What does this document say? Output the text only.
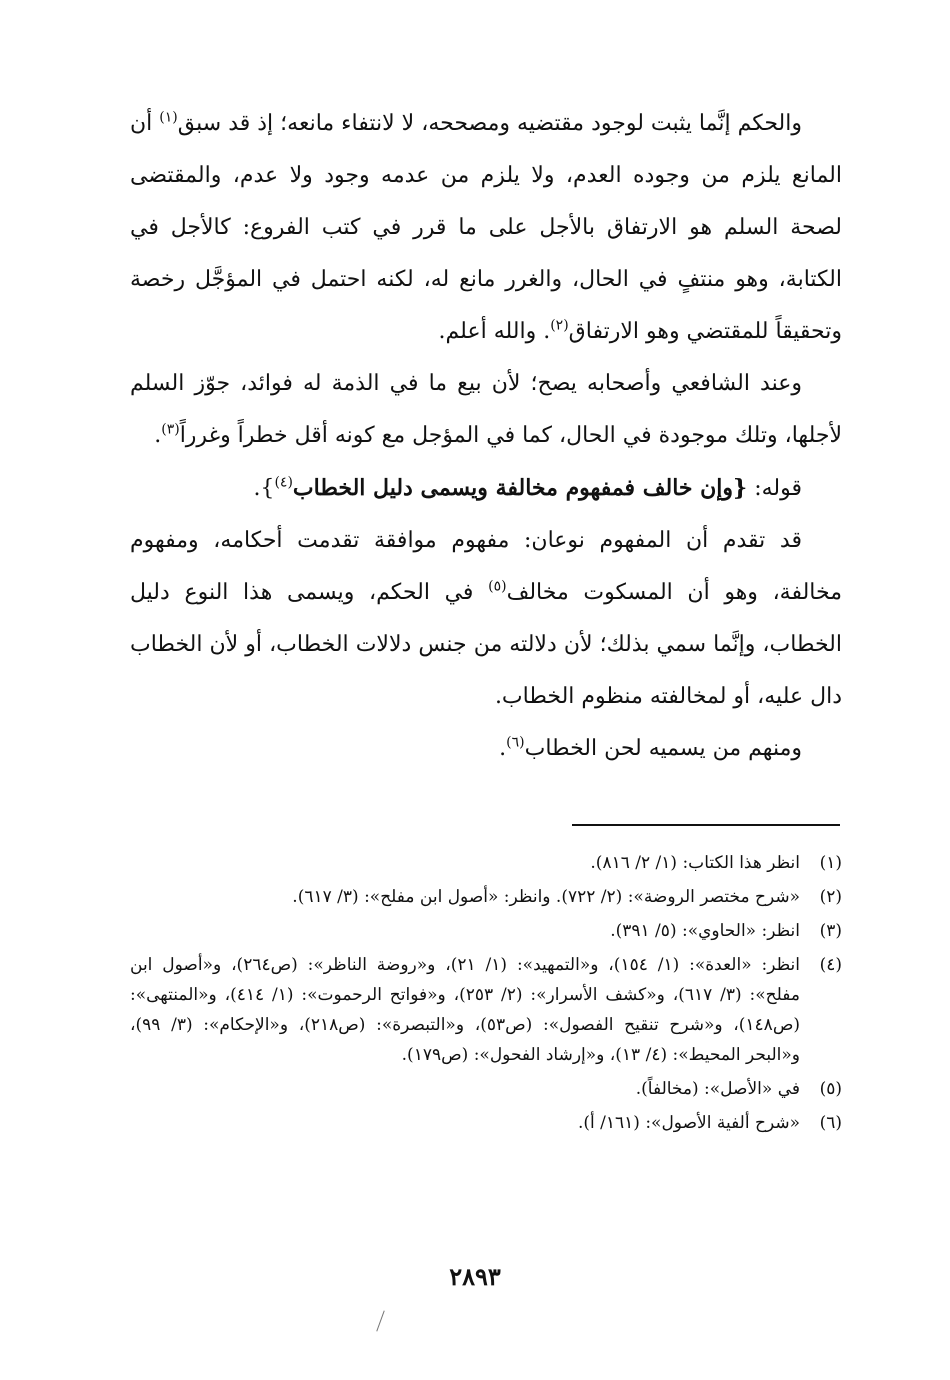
والحكم إنَّما يثبت لوجود مقتضيه ومصححه، لا لانتفاء مانعه؛ إذ قد سبق$^{(١)}$ أن المانع يلزم من وجوده العدم، ولا يلزم من عدمه وجود ولا عدم، والمقتضى لصحة السلم هو الارتفاق بالأجل على ما قرر في كتب الفروع: كالأجل في الكتابة، وهو منتفٍ في الحال، والغرر مانع له، لكنه احتمل في المؤجَّل رخصة وتحقيقاً للمقتضي وهو الارتفاق$^{(٢)}$. والله أعلم.

وعند الشافعي وأصحابه يصح؛ لأن بيع ما في الذمة له فوائد، جوّز السلم لأجلها، وتلك موجودة في الحال، كما في المؤجل مع كونه أقل خطراً وغرراً$^{(٣)}$.

قوله: {وإن خالف فمفهوم مخالفة ويسمى دليل الخطاب$^{(٤)}$}.

قد تقدم أن المفهوم نوعان: مفهوم موافقة تقدمت أحكامه، ومفهوم مخالفة، وهو أن المسكوت مخالف$^{(٥)}$ في الحكم، ويسمى هذا النوع دليل الخطاب، وإنَّما سمي بذلك؛ لأن دلالته من جنس دلالات الخطاب، أو لأن الخطاب دال عليه، أو لمخالفته منظوم الخطاب.

ومنهم من يسميه لحن الخطاب$^{(٦)}$.

(١)
انظر هذا الكتاب: (١/ ٢/ ٨١٦).
(٢)
«شرح مختصر الروضة»: (٢/ ٧٢٢). وانظر: «أصول ابن مفلح»: (٣/ ٦١٧).
(٣)
انظر: «الحاوي»: (٥/ ٣٩١).
(٤)
انظر: «العدة»: (١/ ١٥٤)، و«التمهيد»: (١/ ٢١)، و«روضة الناظر»: (ص٢٦٤)، و«أصول ابن مفلح»: (٣/ ٦١٧)، و«كشف الأسرار»: (٢/ ٢٥٣)، و«فواتح الرحموت»: (١/ ٤١٤)، و«المنتهى»: (ص١٤٨)، و«شرح تنقيح الفصول»: (ص٥٣)، و«التبصرة»: (ص٢١٨)، و«الإحكام»: (٣/ ٩٩)، و«البحر المحيط»: (٤/ ١٣)، و«إرشاد الفحول»: (ص١٧٩).
(٥)
في «الأصل»: (مخالفاً).
(٦)
«شرح ألفية الأصول»: (١٦١/ أ).
٢٨٩٣
